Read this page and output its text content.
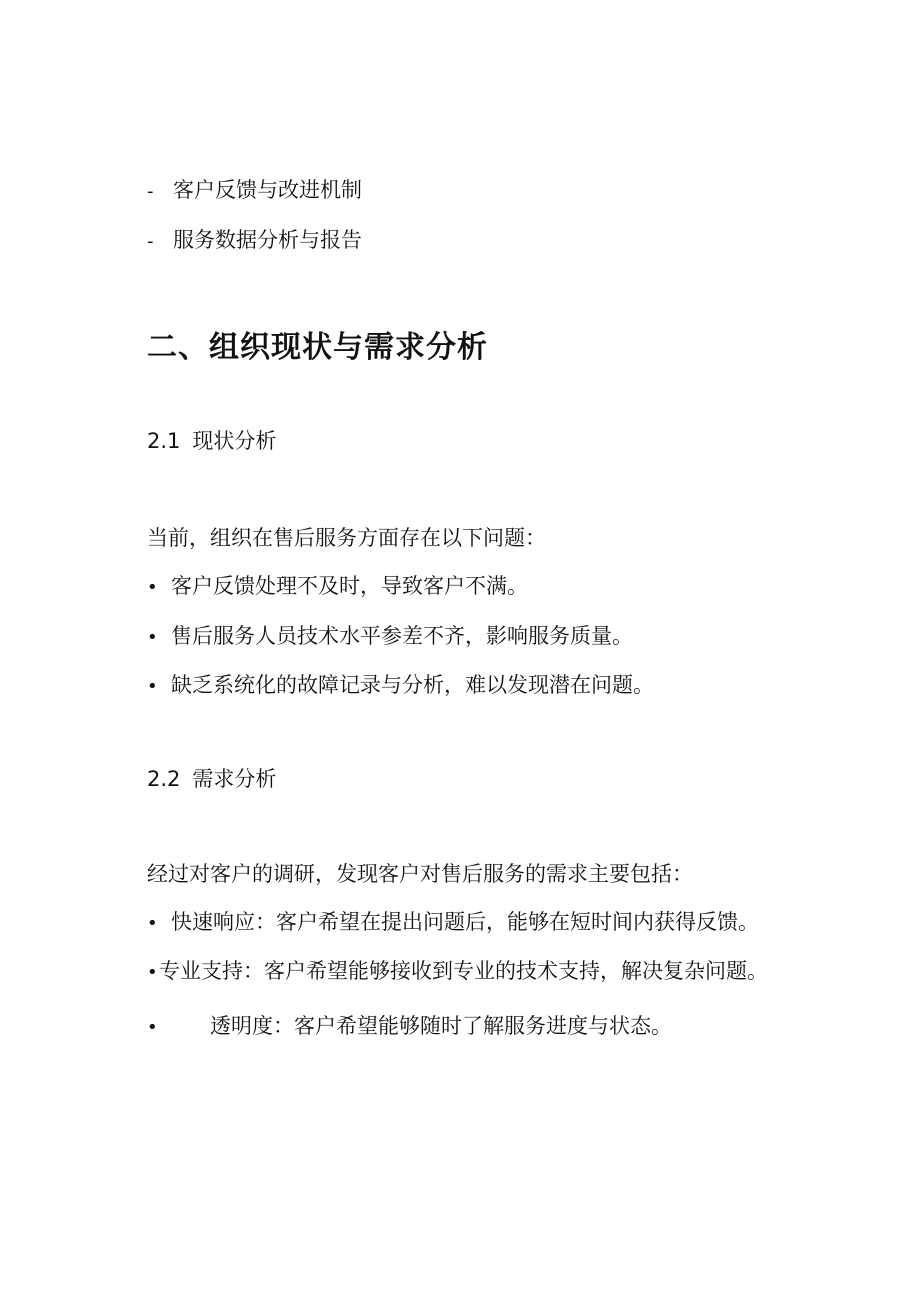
- 客户反馈与改进机制
- 服务数据分析与报告
二、组织现状与需求分析
2.1 现状分析
当前，组织在售后服务方面存在以下问题：
• 客户反馈处理不及时，导致客户不满。
• 售后服务人员技术水平参差不齐，影响服务质量。
• 缺乏系统化的故障记录与分析，难以发现潜在问题。
2.2 需求分析
经过对客户的调研，发现客户对售后服务的需求主要包括：
• 快速响应：客户希望在提出问题后，能够在短时间内获得反馈。
•专业支持：客户希望能够接收到专业的技术支持，解决复杂问题。
• 透明度：客户希望能够随时了解服务进度与状态。
